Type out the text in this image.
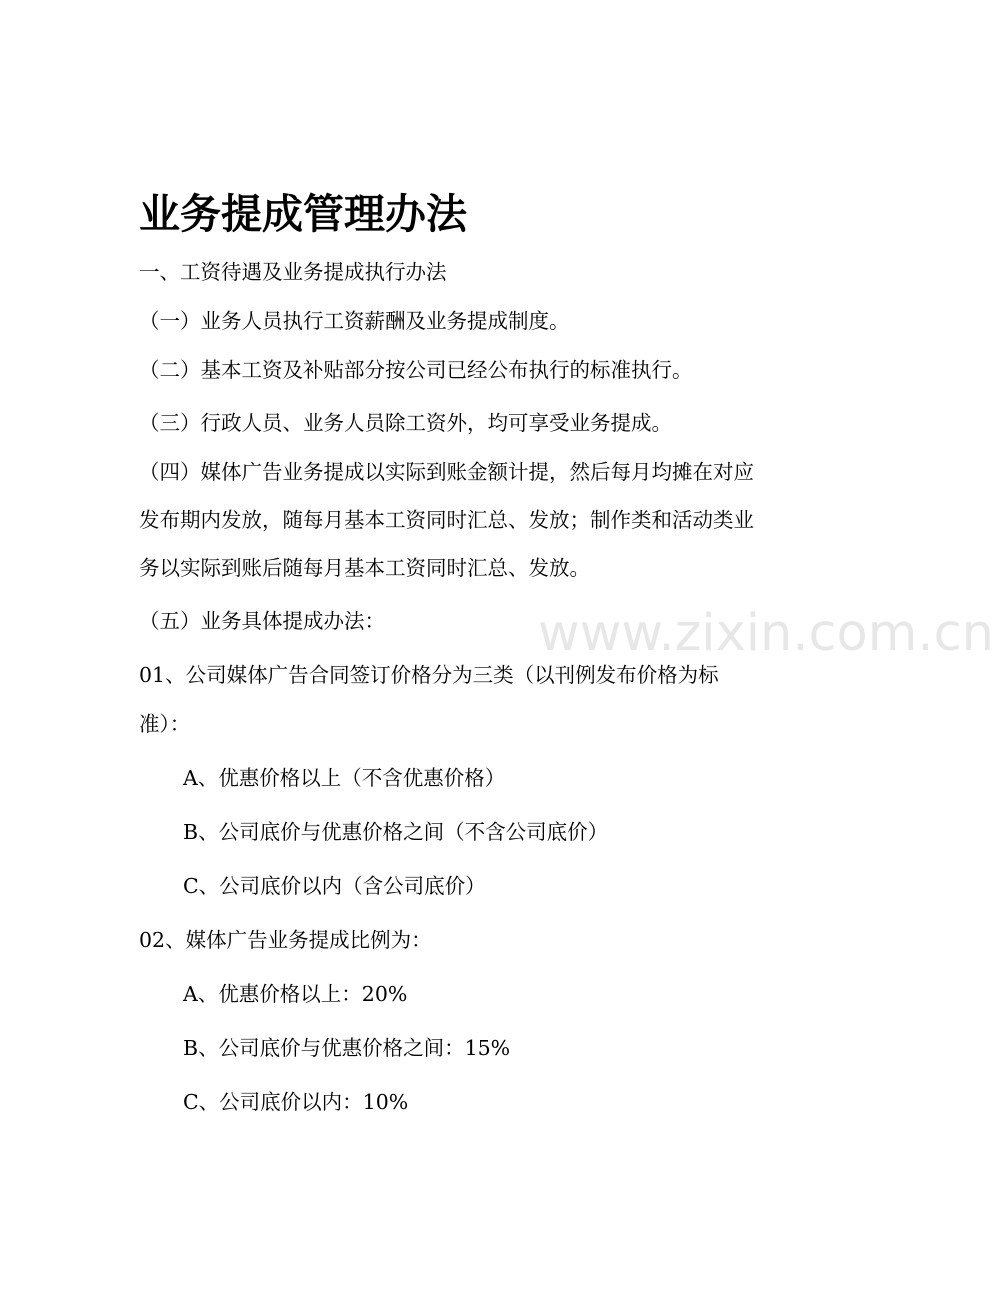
业务提成管理办法

一、工资待遇及业务提成执行办法

（一）业务人员执行工资薪酬及业务提成制度。

（二）基本工资及补贴部分按公司已经公布执行的标准执行。

（三）行政人员、业务人员除工资外，均可享受业务提成。

（四）媒体广告业务提成以实际到账金额计提，然后每月均摊在对应

发布期内发放，随每月基本工资同时汇总、发放；制作类和活动类业

务以实际到账后随每月基本工资同时汇总、发放。

（五）业务具体提成办法：

01、公司媒体广告合同签订价格分为三类（以刊例发布价格为标

准）：

A、优惠价格以上（不含优惠价格）

B、公司底价与优惠价格之间（不含公司底价）

C、公司底价以内（含公司底价）

02、媒体广告业务提成比例为：

A、优惠价格以上：20%

B、公司底价与优惠价格之间：15%

C、公司底价以内：10%

www.zixin.com.cn
